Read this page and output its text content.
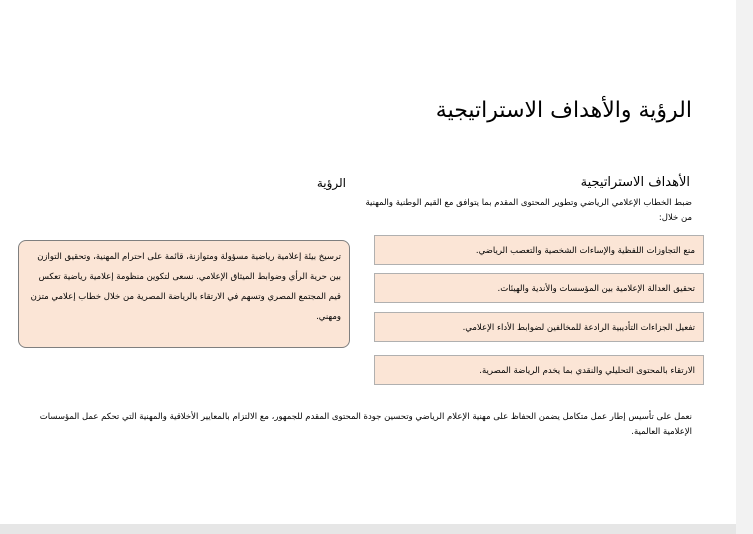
الرؤية والأهداف الاستراتيجية
الأهداف الاستراتيجية
الرؤية
ضبط الخطاب الإعلامي الرياضي وتطوير المحتوى المقدم بما يتوافق مع القيم الوطنية والمهنية من خلال:
منع التجاوزات اللفظية والإساءات الشخصية والتعصب الرياضي.
تحقيق العدالة الإعلامية بين المؤسسات والأندية والهيئات.
تفعيل الجزاءات التأديبية الرادعة للمخالفين لضوابط الأداء الإعلامي.
الارتقاء بالمحتوى التحليلي والنقدي بما يخدم الرياضة المصرية.
ترسيخ بيئة إعلامية رياضية مسؤولة ومتوازنة، قائمة على احترام المهنية، وتحقيق التوازن بين حرية الرأي وضوابط الميثاق الإعلامي. نسعى لتكوين منظومة إعلامية رياضية تعكس قيم المجتمع المصري وتسهم في الارتقاء بالرياضة المصرية من خلال خطاب إعلامي متزن ومهني.
نعمل على تأسيس إطار عمل متكامل يضمن الحفاظ على مهنية الإعلام الرياضي وتحسين جودة المحتوى المقدم للجمهور، مع الالتزام بالمعايير الأخلاقية والمهنية التي تحكم عمل المؤسسات الإعلامية العالمية.
